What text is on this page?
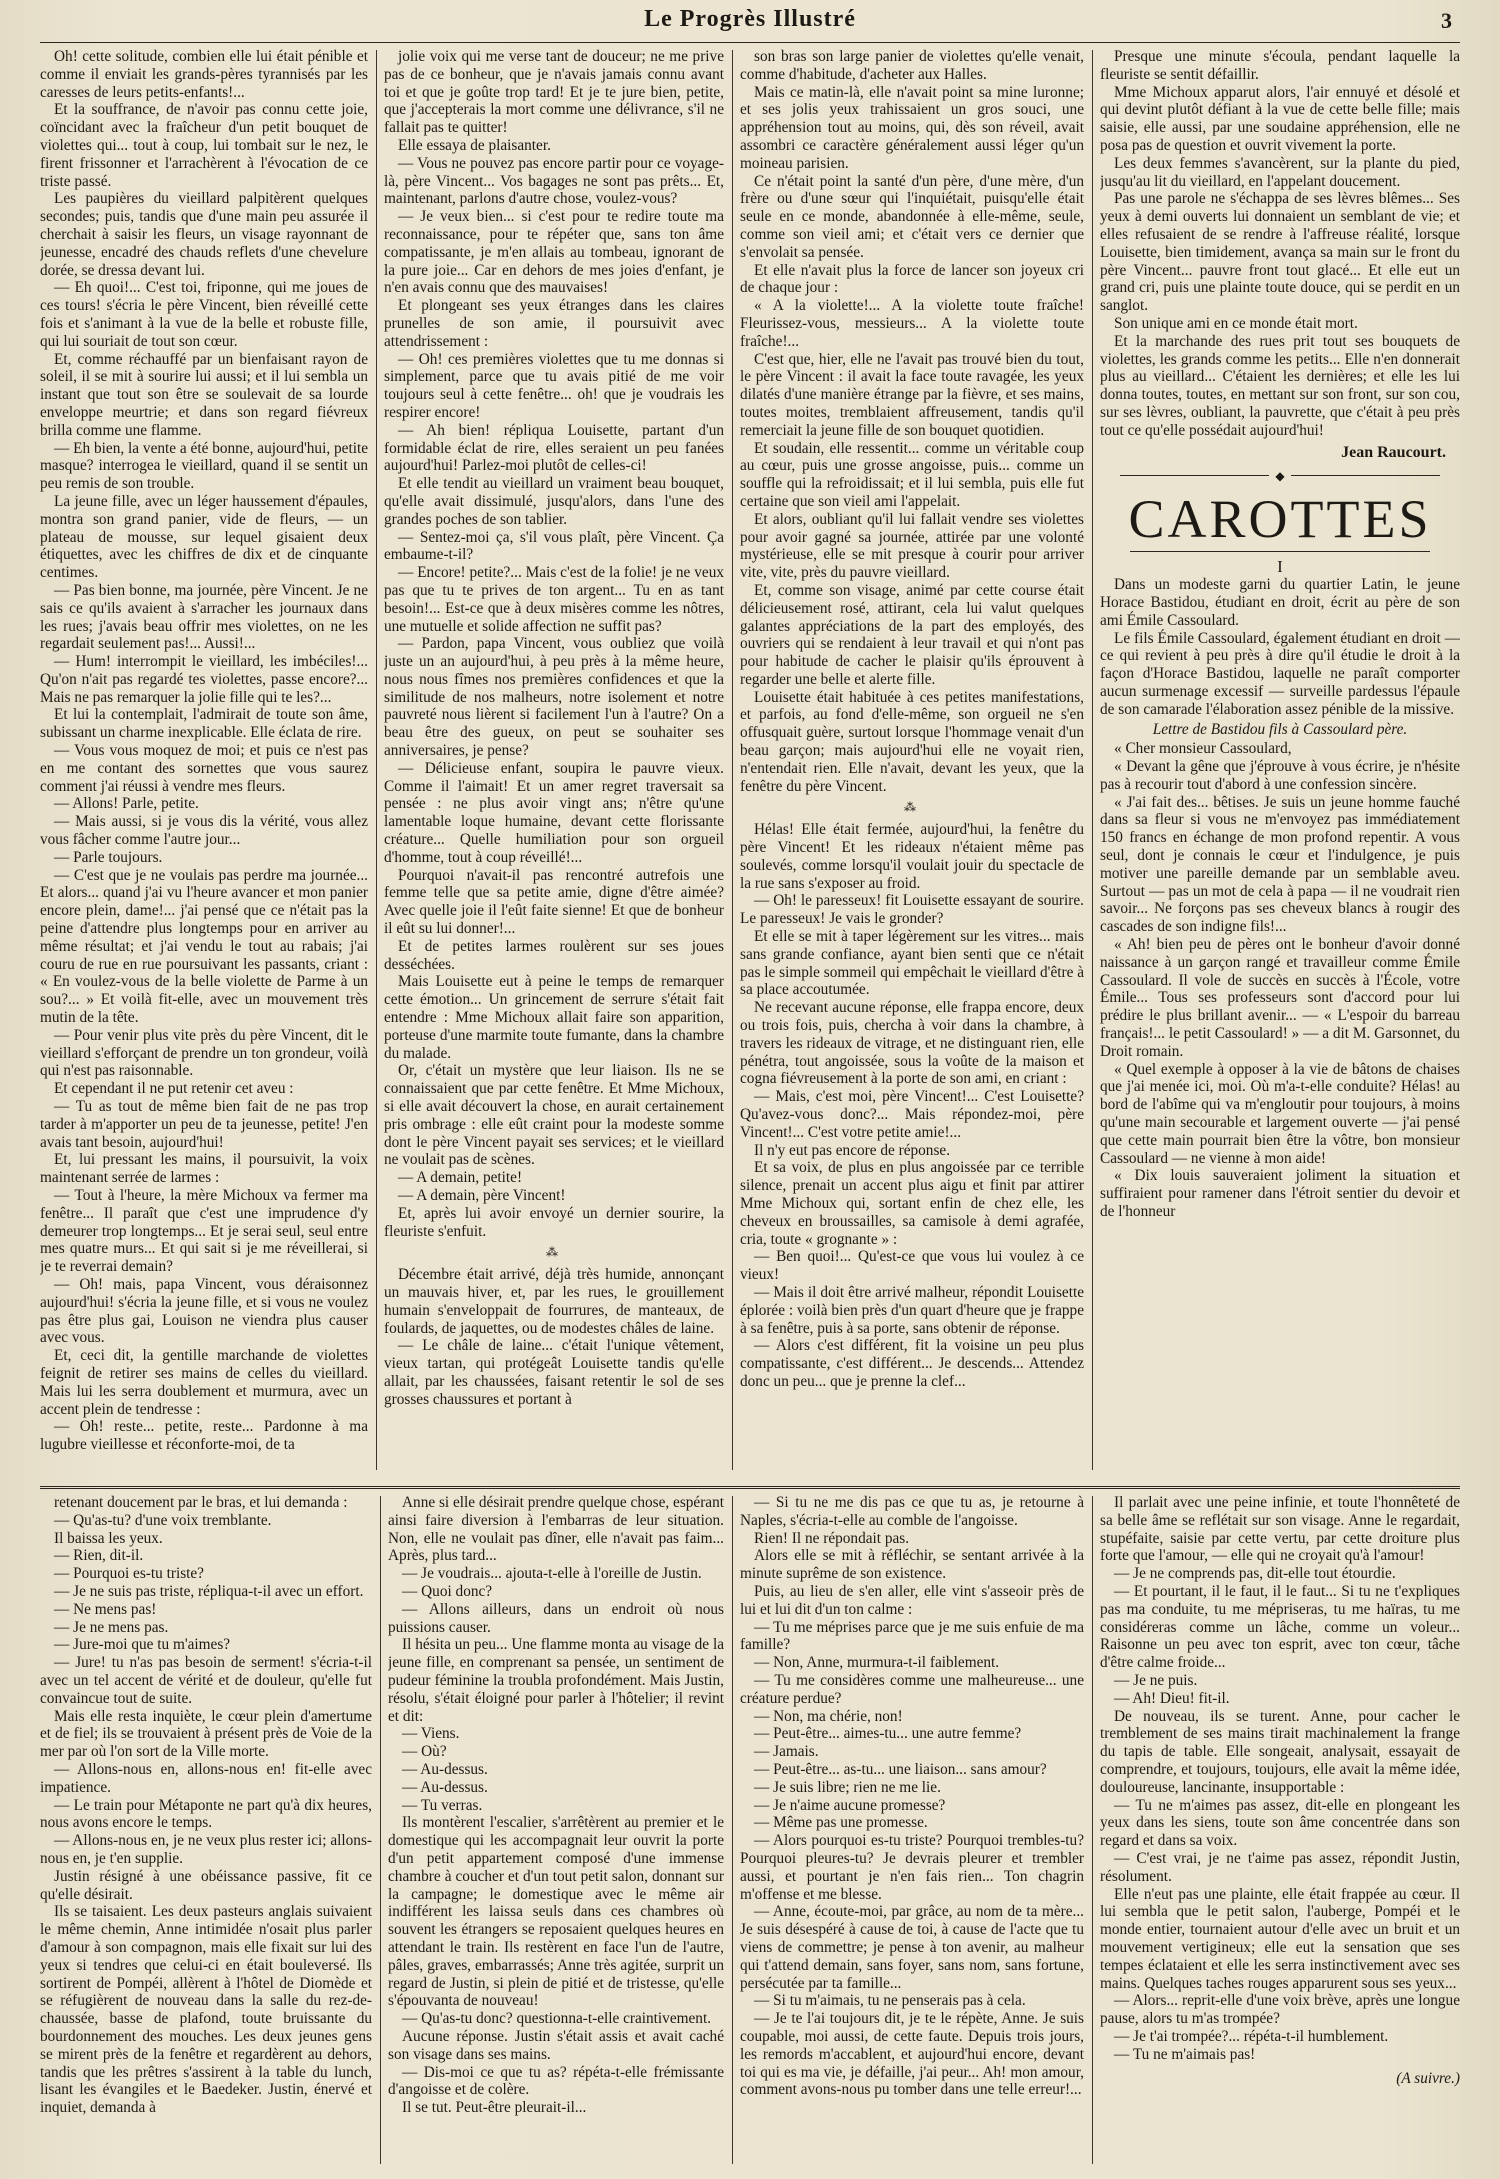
Le Progrès Illustré	3

Oh! cette solitude, combien elle lui était pénible et comme il enviait les grands-pères tyrannisés par les caresses de leurs petits-enfants!...

Et la souffrance, de n'avoir pas connu cette joie, coïncidant avec la fraîcheur d'un petit bouquet de violettes qui... tout à coup, lui tombait sur le nez, le firent frissonner et l'arrachèrent à l'évocation de ce triste passé.

Les paupières du vieillard palpitèrent quelques secondes; puis, tandis que d'une main peu assurée il cherchait à saisir les fleurs, un visage rayonnant de jeunesse, encadré des chauds reflets d'une chevelure dorée, se dressa devant lui.

— Eh quoi!... C'est toi, friponne, qui me joues de ces tours! s'écria le père Vincent, bien réveillé cette fois et s'animant à la vue de la belle et robuste fille, qui lui souriait de tout son cœur.

Et, comme réchauffé par un bienfaisant rayon de soleil, il se mit à sourire lui aussi; et il lui sembla un instant que tout son être se soulevait de sa lourde enveloppe meurtrie; et dans son regard fiévreux brilla comme une flamme.

— Eh bien, la vente a été bonne, aujourd'hui, petite masque? interrogea le vieillard, quand il se sentit un peu remis de son trouble.

La jeune fille, avec un léger haussement d'épaules, montra son grand panier, vide de fleurs, — un plateau de mousse, sur lequel gisaient deux étiquettes, avec les chiffres de dix et de cinquante centimes.

— Pas bien bonne, ma journée, père Vincent. Je ne sais ce qu'ils avaient à s'arracher les journaux dans les rues; j'avais beau offrir mes violettes, on ne les regardait seulement pas!... Aussi!...

— Hum! interrompit le vieillard, les imbéciles!... Qu'on n'ait pas regardé tes violettes, passe encore?... Mais ne pas remarquer la jolie fille qui te les?...

Et lui la contemplait, l'admirait de toute son âme, subissant un charme inexplicable. Elle éclata de rire.

— Vous vous moquez de moi; et puis ce n'est pas en me contant des sornettes que vous saurez comment j'ai réussi à vendre mes fleurs.

— Allons! Parle, petite.

— Mais aussi, si je vous dis la vérité, vous allez vous fâcher comme l'autre jour...

— Parle toujours.

— C'est que je ne voulais pas perdre ma journée... Et alors... quand j'ai vu l'heure avancer et mon panier encore plein, dame!... j'ai pensé que ce n'était pas la peine d'attendre plus longtemps pour en arriver au même résultat; et j'ai vendu le tout au rabais; j'ai couru de rue en rue poursuivant les passants, criant : « En voulez-vous de la belle violette de Parme à un sou?... » Et voilà fit-elle, avec un mouvement très mutin de la tête.

— Pour venir plus vite près du père Vincent, dit le vieillard s'efforçant de prendre un ton grondeur, voilà qui n'est pas raisonnable.

Et cependant il ne put retenir cet aveu :

— Tu as tout de même bien fait de ne pas trop tarder à m'apporter un peu de ta jeunesse, petite! J'en avais tant besoin, aujourd'hui!

Et, lui pressant les mains, il poursuivit, la voix maintenant serrée de larmes :

— Tout à l'heure, la mère Michoux va fermer ma fenêtre... Il paraît que c'est une imprudence d'y demeurer trop longtemps... Et je serai seul, seul entre mes quatre murs... Et qui sait si je me réveillerai, si je te reverrai demain?

— Oh! mais, papa Vincent, vous déraisonnez aujourd'hui! s'écria la jeune fille, et si vous ne voulez pas être plus gai, Louison ne viendra plus causer avec vous.

Et, ceci dit, la gentille marchande de violettes feignit de retirer ses mains de celles du vieillard. Mais lui les serra doublement et murmura, avec un accent plein de tendresse :

— Oh! reste... petite, reste... Pardonne à ma lugubre vieillesse et réconforte-moi, de ta

jolie voix qui me verse tant de douceur; ne me prive pas de ce bonheur, que je n'avais jamais connu avant toi et que je goûte trop tard! Et je te jure bien, petite, que j'accepterais la mort comme une délivrance, s'il ne fallait pas te quitter!

Elle essaya de plaisanter.

— Vous ne pouvez pas encore partir pour ce voyage-là, père Vincent... Vos bagages ne sont pas prêts... Et, maintenant, parlons d'autre chose, voulez-vous?

— Je veux bien... si c'est pour te redire toute ma reconnaissance, pour te répéter que, sans ton âme compatissante, je m'en allais au tombeau, ignorant de la pure joie... Car en dehors de mes joies d'enfant, je n'en avais connu que des mauvaises!

Et plongeant ses yeux étranges dans les claires prunelles de son amie, il poursuivit avec attendrissement :

— Oh! ces premières violettes que tu me donnas si simplement, parce que tu avais pitié de me voir toujours seul à cette fenêtre... oh! que je voudrais les respirer encore!

— Ah bien! répliqua Louisette, partant d'un formidable éclat de rire, elles seraient un peu fanées aujourd'hui! Parlez-moi plutôt de celles-ci!

Et elle tendit au vieillard un vraiment beau bouquet, qu'elle avait dissimulé, jusqu'alors, dans l'une des grandes poches de son tablier.

— Sentez-moi ça, s'il vous plaît, père Vincent. Ça embaume-t-il?

— Encore! petite?... Mais c'est de la folie! je ne veux pas que tu te prives de ton argent... Tu en as tant besoin!... Est-ce que à deux misères comme les nôtres, une mutuelle et solide affection ne suffit pas?

— Pardon, papa Vincent, vous oubliez que voilà juste un an aujourd'hui, à peu près à la même heure, nous nous fîmes nos premières confidences et que la similitude de nos malheurs, notre isolement et notre pauvreté nous lièrent si facilement l'un à l'autre? On a beau être des gueux, on peut se souhaiter ses anniversaires, je pense?

— Délicieuse enfant, soupira le pauvre vieux. Comme il l'aimait! Et un amer regret traversait sa pensée : ne plus avoir vingt ans; n'être qu'une lamentable loque humaine, devant cette florissante créature... Quelle humiliation pour son orgueil d'homme, tout à coup réveillé!...

Pourquoi n'avait-il pas rencontré autrefois une femme telle que sa petite amie, digne d'être aimée? Avec quelle joie il l'eût faite sienne! Et que de bonheur il eût su lui donner!...

Et de petites larmes roulèrent sur ses joues desséchées.

Mais Louisette eut à peine le temps de remarquer cette émotion... Un grincement de serrure s'était fait entendre : Mme Michoux allait faire son apparition, porteuse d'une marmite toute fumante, dans la chambre du malade.

Or, c'était un mystère que leur liaison. Ils ne se connaissaient que par cette fenêtre. Et Mme Michoux, si elle avait découvert la chose, en aurait certainement pris ombrage : elle eût craint pour la modeste somme dont le père Vincent payait ses services; et le vieillard ne voulait pas de scènes.

— A demain, petite!

— A demain, père Vincent!

Et, après lui avoir envoyé un dernier sourire, la fleuriste s'enfuit.

⁂

Décembre était arrivé, déjà très humide, annonçant un mauvais hiver, et, par les rues, le grouillement humain s'enveloppait de fourrures, de manteaux, de foulards, de jaquettes, ou de modestes châles de laine.

— Le châle de laine... c'était l'unique vêtement, vieux tartan, qui protégeât Louisette tandis qu'elle allait, par les chaussées, faisant retentir le sol de ses grosses chaussures et portant à

son bras son large panier de violettes qu'elle venait, comme d'habitude, d'acheter aux Halles.

Mais ce matin-là, elle n'avait point sa mine luronne; et ses jolis yeux trahissaient un gros souci, une appréhension tout au moins, qui, dès son réveil, avait assombri ce caractère généralement aussi léger qu'un moineau parisien.

Ce n'était point la santé d'un père, d'une mère, d'un frère ou d'une sœur qui l'inquiétait, puisqu'elle était seule en ce monde, abandonnée à elle-même, seule, comme son vieil ami; et c'était vers ce dernier que s'envolait sa pensée.

Et elle n'avait plus la force de lancer son joyeux cri de chaque jour :

« A la violette!... A la violette toute fraîche! Fleurissez-vous, messieurs... A la violette toute fraîche!...

C'est que, hier, elle ne l'avait pas trouvé bien du tout, le père Vincent : il avait la face toute ravagée, les yeux dilatés d'une manière étrange par la fièvre, et ses mains, toutes moites, tremblaient affreusement, tandis qu'il remerciait la jeune fille de son bouquet quotidien.

Et soudain, elle ressentit... comme un véritable coup au cœur, puis une grosse angoisse, puis... comme un souffle qui la refroidissait; et il lui sembla, puis elle fut certaine que son vieil ami l'appelait.

Et alors, oubliant qu'il lui fallait vendre ses violettes pour avoir gagné sa journée, attirée par une volonté mystérieuse, elle se mit presque à courir pour arriver vite, vite, près du pauvre vieillard.

Et, comme son visage, animé par cette course était délicieusement rosé, attirant, cela lui valut quelques galantes appréciations de la part des employés, des ouvriers qui se rendaient à leur travail et qui n'ont pas pour habitude de cacher le plaisir qu'ils éprouvent à regarder une belle et alerte fille.

Louisette était habituée à ces petites manifestations, et parfois, au fond d'elle-même, son orgueil ne s'en offusquait guère, surtout lorsque l'hommage venait d'un beau garçon; mais aujourd'hui elle ne voyait rien, n'entendait rien. Elle n'avait, devant les yeux, que la fenêtre du père Vincent.

⁂

Hélas! Elle était fermée, aujourd'hui, la fenêtre du père Vincent! Et les rideaux n'étaient même pas soulevés, comme lorsqu'il voulait jouir du spectacle de la rue sans s'exposer au froid.

— Oh! le paresseux! fit Louisette essayant de sourire. Le paresseux! Je vais le gronder?

Et elle se mit à taper légèrement sur les vitres... mais sans grande confiance, ayant bien senti que ce n'était pas le simple sommeil qui empêchait le vieillard d'être à sa place accoutumée.

Ne recevant aucune réponse, elle frappa encore, deux ou trois fois, puis, chercha à voir dans la chambre, à travers les rideaux de vitrage, et ne distinguant rien, elle pénétra, tout angoissée, sous la voûte de la maison et cogna fiévreusement à la porte de son ami, en criant :

— Mais, c'est moi, père Vincent!... C'est Louisette? Qu'avez-vous donc?... Mais répondez-moi, père Vincent!... C'est votre petite amie!...

Il n'y eut pas encore de réponse.

Et sa voix, de plus en plus angoissée par ce terrible silence, prenait un accent plus aigu et finit par attirer Mme Michoux qui, sortant enfin de chez elle, les cheveux en broussailles, sa camisole à demi agrafée, cria, toute « grognante » :

— Ben quoi!... Qu'est-ce que vous lui voulez à ce vieux!

— Mais il doit être arrivé malheur, répondit Louisette éplorée : voilà bien près d'un quart d'heure que je frappe à sa fenêtre, puis à sa porte, sans obtenir de réponse.

— Alors c'est différent, fit la voisine un peu plus compatissante, c'est différent... Je descends... Attendez donc un peu... que je prenne la clef...

Presque une minute s'écoula, pendant laquelle la fleuriste se sentit défaillir.

Mme Michoux apparut alors, l'air ennuyé et désolé et qui devint plutôt défiant à la vue de cette belle fille; mais saisie, elle aussi, par une soudaine appréhension, elle ne posa pas de question et ouvrit vivement la porte.

Les deux femmes s'avancèrent, sur la plante du pied, jusqu'au lit du vieillard, en l'appelant doucement.

Pas une parole ne s'échappa de ses lèvres blêmes... Ses yeux à demi ouverts lui donnaient un semblant de vie; et elles refusaient de se rendre à l'affreuse réalité, lorsque Louisette, bien timidement, avança sa main sur le front du père Vincent... pauvre front tout glacé... Et elle eut un grand cri, puis une plainte toute douce, qui se perdit en un sanglot.

Son unique ami en ce monde était mort.

Et la marchande des rues prit tout ses bouquets de violettes, les grands comme les petits... Elle n'en donnerait plus au vieillard... C'étaient les dernières; et elle les lui donna toutes, toutes, en mettant sur son front, sur son cou, sur ses lèvres, oubliant, la pauvrette, que c'était à peu près tout ce qu'elle possédait aujourd'hui!

Jean Raucourt.

◆
CAROTTES

I

Dans un modeste garni du quartier Latin, le jeune Horace Bastidou, étudiant en droit, écrit au père de son ami Émile Cassoulard.

Le fils Émile Cassoulard, également étudiant en droit — ce qui revient à peu près à dire qu'il étudie le droit à la façon d'Horace Bastidou, laquelle ne paraît comporter aucun surmenage excessif — surveille pardessus l'épaule de son camarade l'élaboration assez pénible de la missive.

Lettre de Bastidou fils à Cassoulard père.

« Cher monsieur Cassoulard,

« Devant la gêne que j'éprouve à vous écrire, je n'hésite pas à recourir tout d'abord à une confession sincère.

« J'ai fait des... bêtises. Je suis un jeune homme fauché dans sa fleur si vous ne m'envoyez pas immédiatement 150 francs en échange de mon profond repentir. A vous seul, dont je connais le cœur et l'indulgence, je puis motiver une pareille demande par un semblable aveu. Surtout — pas un mot de cela à papa — il ne voudrait rien savoir... Ne forçons pas ses cheveux blancs à rougir des cascades de son indigne fils!...

« Ah! bien peu de pères ont le bonheur d'avoir donné naissance à un garçon rangé et travailleur comme Émile Cassoulard. Il vole de succès en succès à l'École, votre Émile... Tous ses professeurs sont d'accord pour lui prédire le plus brillant avenir... — « L'espoir du barreau français!... le petit Cassoulard! » — a dit M. Garsonnet, du Droit romain.

« Quel exemple à opposer à la vie de bâtons de chaises que j'ai menée ici, moi. Où m'a-t-elle conduite? Hélas! au bord de l'abîme qui va m'engloutir pour toujours, à moins qu'une main secourable et largement ouverte — j'ai pensé que cette main pourrait bien être la vôtre, bon monsieur Cassoulard — ne vienne à mon aide!

« Dix louis sauveraient joliment la situation et suffiraient pour ramener dans l'étroit sentier du devoir et de l'honneur

retenant doucement par le bras, et lui demanda :

— Qu'as-tu? d'une voix tremblante.

Il baissa les yeux.

— Rien, dit-il.

— Pourquoi es-tu triste?

— Je ne suis pas triste, répliqua-t-il avec un effort.

— Ne mens pas!

— Je ne mens pas.

— Jure-moi que tu m'aimes?

— Jure! tu n'as pas besoin de serment! s'écria-t-il avec un tel accent de vérité et de douleur, qu'elle fut convaincue tout de suite.

Mais elle resta inquiète, le cœur plein d'amertume et de fiel; ils se trouvaient à présent près de Voie de la mer par où l'on sort de la Ville morte.

— Allons-nous en, allons-nous en! fit-elle avec impatience.

— Le train pour Métaponte ne part qu'à dix heures, nous avons encore le temps.

— Allons-nous en, je ne veux plus rester ici; allons-nous en, je t'en supplie.

Justin résigné à une obéissance passive, fit ce qu'elle désirait.

Ils se taisaient. Les deux pasteurs anglais suivaient le même chemin, Anne intimidée n'osait plus parler d'amour à son compagnon, mais elle fixait sur lui des yeux si tendres que celui-ci en était bouleversé. Ils sortirent de Pompéi, allèrent à l'hôtel de Diomède et se réfugièrent de nouveau dans la salle du rez-de-chaussée, basse de plafond, toute bruissante du bourdonnement des mouches. Les deux jeunes gens se mirent près de la fenêtre et regardèrent au dehors, tandis que les prêtres s'assirent à la table du lunch, lisant les évangiles et le Baedeker. Justin, énervé et inquiet, demanda à

Anne si elle désirait prendre quelque chose, espérant ainsi faire diversion à l'embarras de leur situation. Non, elle ne voulait pas dîner, elle n'avait pas faim... Après, plus tard...

— Je voudrais... ajouta-t-elle à l'oreille de Justin.

— Quoi donc?

— Allons ailleurs, dans un endroit où nous puissions causer.

Il hésita un peu... Une flamme monta au visage de la jeune fille, en comprenant sa pensée, un sentiment de pudeur féminine la troubla profondément. Mais Justin, résolu, s'était éloigné pour parler à l'hôtelier; il revint et dit:

— Viens.

— Où?

— Au-dessus.

— Au-dessus.

— Tu verras.

Ils montèrent l'escalier, s'arrêtèrent au premier et le domestique qui les accompagnait leur ouvrit la porte d'un petit appartement composé d'une immense chambre à coucher et d'un tout petit salon, donnant sur la campagne; le domestique avec le même air indifférent les laissa seuls dans ces chambres où souvent les étrangers se reposaient quelques heures en attendant le train. Ils restèrent en face l'un de l'autre, pâles, graves, embarrassés; Anne très agitée, surprit un regard de Justin, si plein de pitié et de tristesse, qu'elle s'épouvanta de nouveau!

— Qu'as-tu donc? questionna-t-elle craintivement.

Aucune réponse. Justin s'était assis et avait caché son visage dans ses mains.

— Dis-moi ce que tu as? répéta-t-elle frémissante d'angoisse et de colère.

Il se tut. Peut-être pleurait-il...

— Si tu ne me dis pas ce que tu as, je retourne à Naples, s'écria-t-elle au comble de l'angoisse.

Rien! Il ne répondait pas.

Alors elle se mit à réfléchir, se sentant arrivée à la minute suprême de son existence.

Puis, au lieu de s'en aller, elle vint s'asseoir près de lui et lui dit d'un ton calme :

— Tu me méprises parce que je me suis enfuie de ma famille?

— Non, Anne, murmura-t-il faiblement.

— Tu me considères comme une malheureuse... une créature perdue?

— Non, ma chérie, non!

— Peut-être... aimes-tu... une autre femme?

— Jamais.

— Peut-être... as-tu... une liaison... sans amour?

— Je suis libre; rien ne me lie.

— Je n'aime aucune promesse?

— Même pas une promesse.

— Alors pourquoi es-tu triste? Pourquoi trembles-tu? Pourquoi pleures-tu? Je devrais pleurer et trembler aussi, et pourtant je n'en fais rien... Ton chagrin m'offense et me blesse.

— Anne, écoute-moi, par grâce, au nom de ta mère... Je suis désespéré à cause de toi, à cause de l'acte que tu viens de commettre; je pense à ton avenir, au malheur qui t'attend demain, sans foyer, sans nom, sans fortune, persécutée par ta famille...

— Si tu m'aimais, tu ne penserais pas à cela.

— Je te l'ai toujours dit, je te le répète, Anne. Je suis coupable, moi aussi, de cette faute. Depuis trois jours, les remords m'accablent, et aujourd'hui encore, devant toi qui es ma vie, je défaille, j'ai peur... Ah! mon amour, comment avons-nous pu tomber dans une telle erreur!...

Il parlait avec une peine infinie, et toute l'honnêteté de sa belle âme se reflétait sur son visage. Anne le regardait, stupéfaite, saisie par cette vertu, par cette droiture plus forte que l'amour, — elle qui ne croyait qu'à l'amour!

— Je ne comprends pas, dit-elle tout étourdie.

— Et pourtant, il le faut, il le faut... Si tu ne t'expliques pas ma conduite, tu me mépriseras, tu me haïras, tu me considéreras comme un lâche, comme un voleur... Raisonne un peu avec ton esprit, avec ton cœur, tâche d'être calme froide...

— Je ne puis.

— Ah! Dieu! fit-il.

De nouveau, ils se turent. Anne, pour cacher le tremblement de ses mains tirait machinalement la frange du tapis de table. Elle songeait, analysait, essayait de comprendre, et toujours, toujours, elle avait la même idée, douloureuse, lancinante, insupportable :

— Tu ne m'aimes pas assez, dit-elle en plongeant les yeux dans les siens, toute son âme concentrée dans son regard et dans sa voix.

— C'est vrai, je ne t'aime pas assez, répondit Justin, résolument.

Elle n'eut pas une plainte, elle était frappée au cœur. Il lui sembla que le petit salon, l'auberge, Pompéi et le monde entier, tournaient autour d'elle avec un bruit et un mouvement vertigineux; elle eut la sensation que ses tempes éclataient et elle les serra instinctivement avec ses mains. Quelques taches rouges apparurent sous ses yeux...

— Alors... reprit-elle d'une voix brève, après une longue pause, alors tu m'as trompée?

— Je t'ai trompée?... répéta-t-il humblement.

— Tu ne m'aimais pas!

(A suivre.)
